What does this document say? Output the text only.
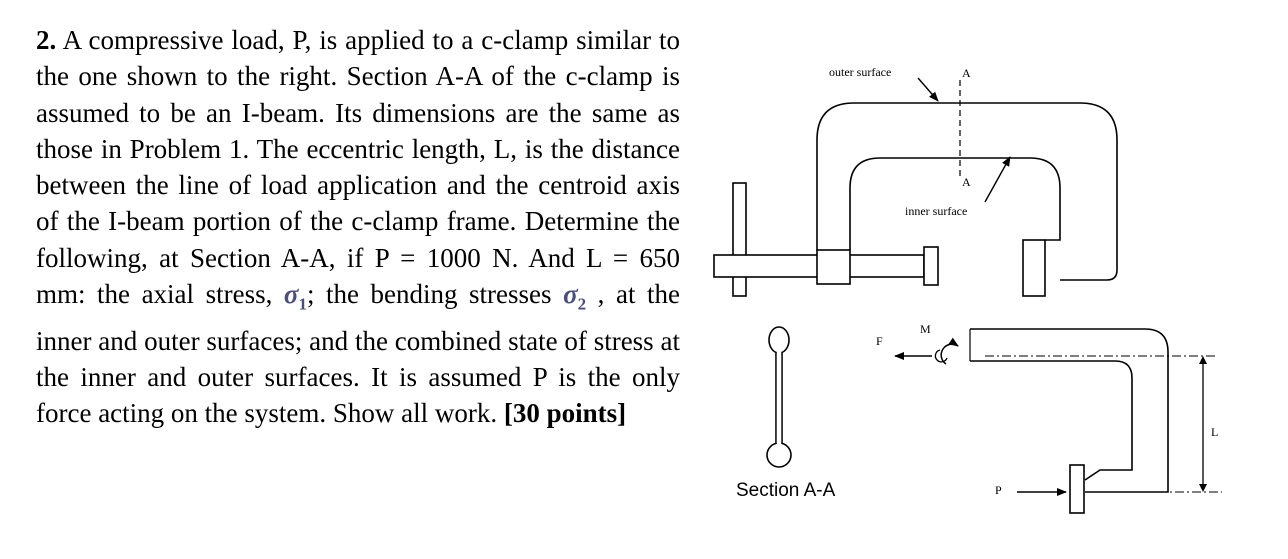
2. A compressive load, P, is applied to a c-clamp similar to the one shown to the right. Section A-A of the c-clamp is assumed to be an I-beam. Its dimensions are the same as those in Problem 1. The eccentric length, L, is the distance between the line of load application and the centroid axis of the I-beam portion of the c-clamp frame. Determine the following, at Section A-A, if P = 1000 N. And L = 650 mm: the axial stress, $\sigma_1$; the bending stresses $\sigma_2$ , at the inner and outer surfaces; and the combined state of stress at the inner and outer surfaces. It is assumed P is the only force acting on the system. Show all work. [30 points]
A
A
outer surface
inner surface
Section A-A
L
F
M
P
